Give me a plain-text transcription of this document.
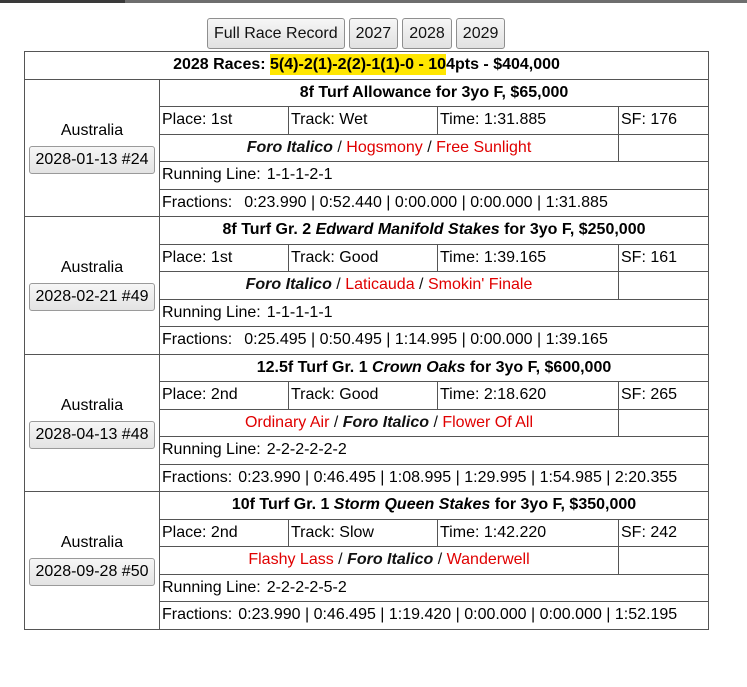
Full Race Record	2027	2028	2029
2028 Races: 5(4)-2(1)-2(2)-1(1)-0 - 104pts - $404,000				

Australia
2028-01-13 #24	8f Turf Allowance for 3yo F, $65,000			
	Place: 1st	Track: Wet	Time: 1:31.885	SF: 176
	Foro Italico / Hogsmony / Free Sunlight			
	Running Line: 1-1-1-2-1			
	Fractions: 0:23.990 | 0:52.440 | 0:00.000 | 0:00.000 | 1:31.885			

Australia
2028-02-21 #49	8f Turf Gr. 2 Edward Manifold Stakes for 3yo F, $250,000			
	Place: 1st	Track: Good	Time: 1:39.165	SF: 161
	Foro Italico / Laticauda / Smokin' Finale			
	Running Line: 1-1-1-1-1			
	Fractions: 0:25.495 | 0:50.495 | 1:14.995 | 0:00.000 | 1:39.165			

Australia
2028-04-13 #48	12.5f Turf Gr. 1 Crown Oaks for 3yo F, $600,000			
	Place: 2nd	Track: Good	Time: 2:18.620	SF: 265
	Ordinary Air / Foro Italico / Flower Of All			
	Running Line: 2-2-2-2-2-2			
	Fractions: 0:23.990 | 0:46.495 | 1:08.995 | 1:29.995 | 1:54.985 | 2:20.355			

Australia
2028-09-28 #50	10f Turf Gr. 1 Storm Queen Stakes for 3yo F, $350,000			
	Place: 2nd	Track: Slow	Time: 1:42.220	SF: 242
	Flashy Lass / Foro Italico / Wanderwell			
	Running Line: 2-2-2-2-5-2			
	Fractions: 0:23.990 | 0:46.495 | 1:19.420 | 0:00.000 | 0:00.000 | 1:52.195			
